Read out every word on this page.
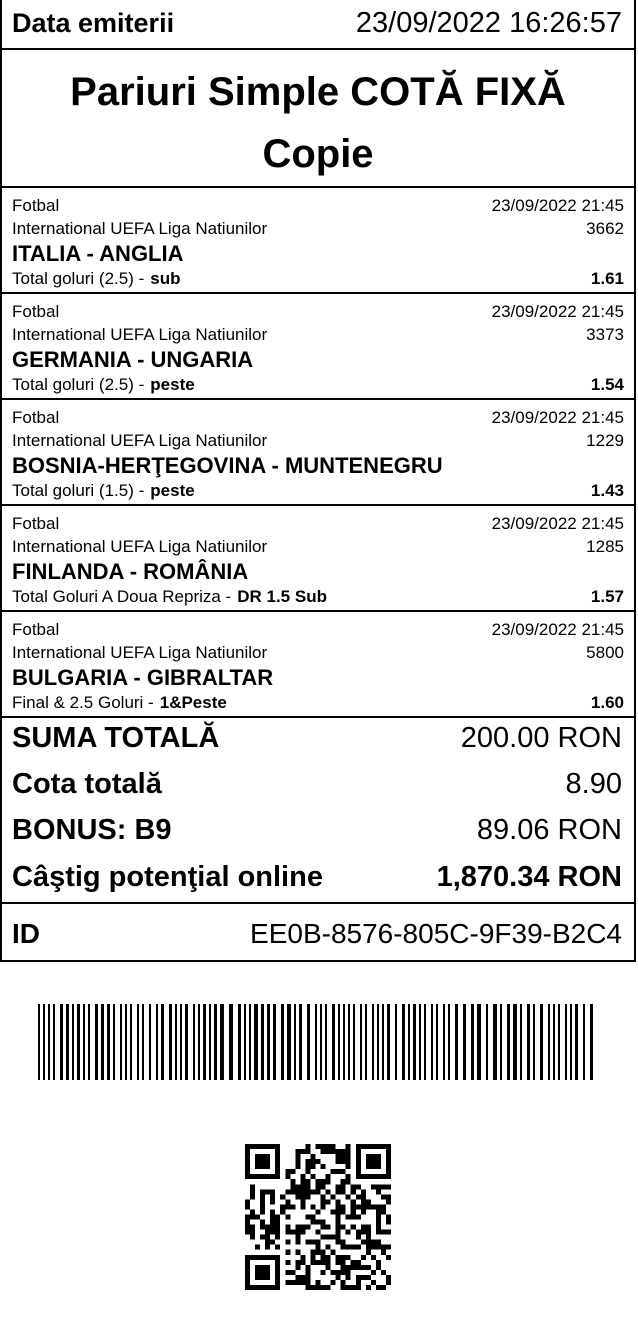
Data emiterii	23/09/2022 16:26:57
Pariuri Simple COTĂ FIXĂ
Copie
Fotbal	23/09/2022 21:45
International UEFA Liga Natiunilor	3662
ITALIA - ANGLIA
Total goluri (2.5) - sub	1.61
Fotbal	23/09/2022 21:45
International UEFA Liga Natiunilor	3373
GERMANIA - UNGARIA
Total goluri (2.5) - peste	1.54
Fotbal	23/09/2022 21:45
International UEFA Liga Natiunilor	1229
BOSNIA-HERŢEGOVINA - MUNTENEGRU
Total goluri (1.5) - peste	1.43
Fotbal	23/09/2022 21:45
International UEFA Liga Natiunilor	1285
FINLANDA - ROMÂNIA
Total Goluri A Doua Repriza - DR 1.5 Sub	1.57
Fotbal	23/09/2022 21:45
International UEFA Liga Natiunilor	5800
BULGARIA - GIBRALTAR
Final & 2.5 Goluri - 1&Peste	1.60
SUMA TOTALĂ	200.00 RON
Cota totală	8.90
BONUS: B9	89.06 RON
Câştig potenţial online	1,870.34 RON
ID	EE0B-8576-805C-9F39-B2C4
